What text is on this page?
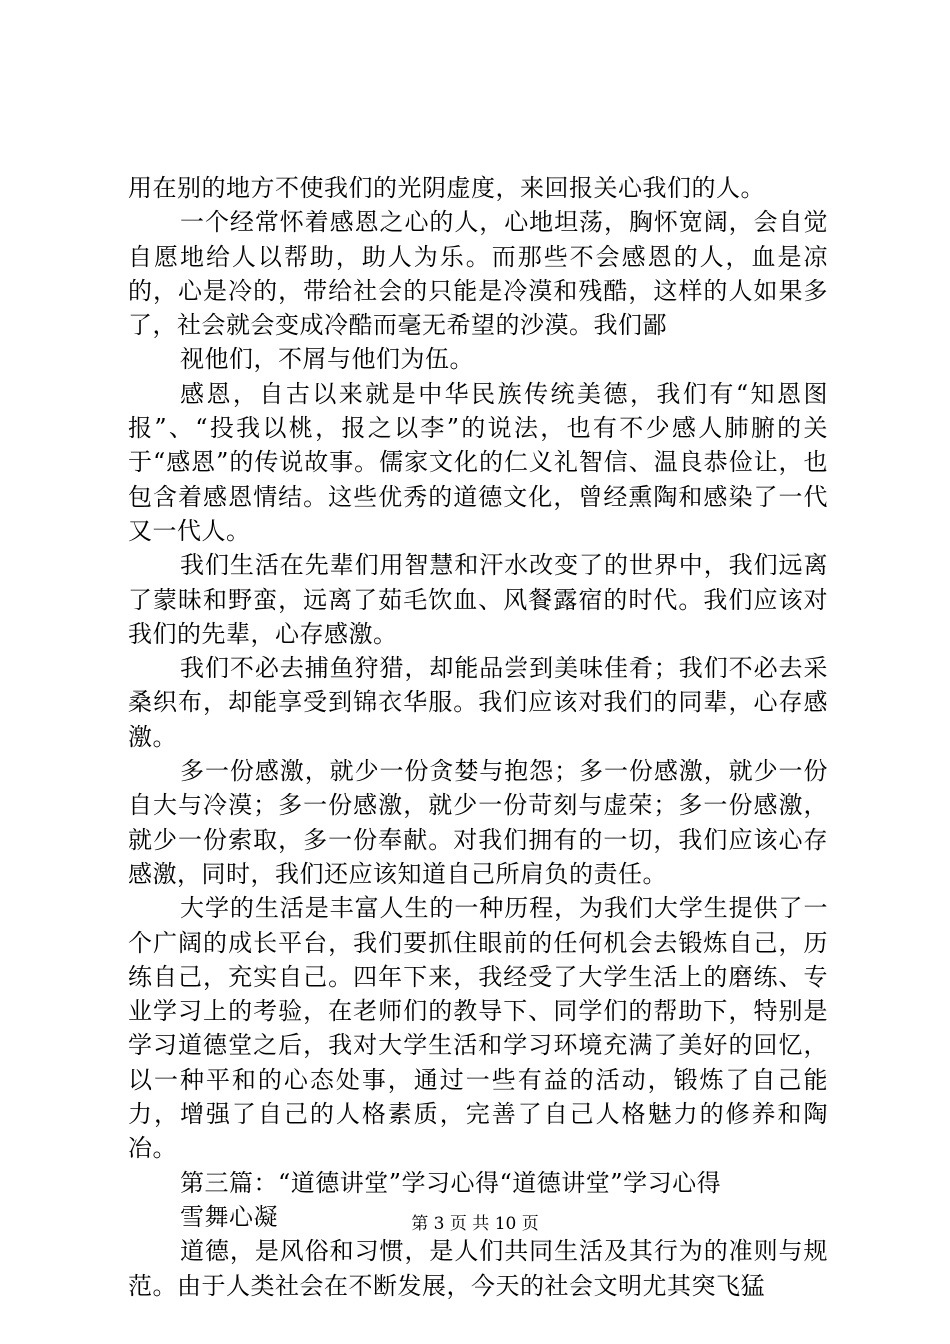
用在别的地方不使我们的光阴虚度，来回报关心我们的人。

一个经常怀着感恩之心的人，心地坦荡，胸怀宽阔，会自觉自愿地给人以帮助，助人为乐。而那些不会感恩的人，血是凉的，心是冷的，带给社会的只能是冷漠和残酷，这样的人如果多了，社会就会变成冷酷而毫无希望的沙漠。我们鄙

视他们，不屑与他们为伍。

感恩，自古以来就是中华民族传统美德，我们有“知恩图报”、“投我以桃，报之以李”的说法，也有不少感人肺腑的关于“感恩”的传说故事。儒家文化的仁义礼智信、温良恭俭让，也包含着感恩情结。这些优秀的道德文化，曾经熏陶和感染了一代又一代人。

我们生活在先辈们用智慧和汗水改变了的世界中，我们远离了蒙昧和野蛮，远离了茹毛饮血、风餐露宿的时代。我们应该对我们的先辈，心存感激。

我们不必去捕鱼狩猎，却能品尝到美味佳肴；我们不必去采桑织布，却能享受到锦衣华服。我们应该对我们的同辈，心存感激。

多一份感激，就少一份贪婪与抱怨；多一份感激，就少一份自大与冷漠；多一份感激，就少一份苛刻与虚荣；多一份感激，就少一份索取，多一份奉献。对我们拥有的一切，我们应该心存感激，同时，我们还应该知道自己所肩负的责任。

大学的生活是丰富人生的一种历程，为我们大学生提供了一个广阔的成长平台，我们要抓住眼前的任何机会去锻炼自己，历练自己，充实自己。四年下来，我经受了大学生活上的磨练、专业学习上的考验，在老师们的教导下、同学们的帮助下，特别是学习道德堂之后，我对大学生活和学习环境充满了美好的回忆，以一种平和的心态处事，通过一些有益的活动，锻炼了自己能力，增强了自己的人格素质，完善了自己人格魅力的修养和陶冶。

第三篇：“道德讲堂”学习心得“道德讲堂”学习心得

雪舞心凝

道德，是风俗和习惯，是人们共同生活及其行为的准则与规范。由于人类社会在不断发展，今天的社会文明尤其突飞猛

第 3 页 共 10 页
